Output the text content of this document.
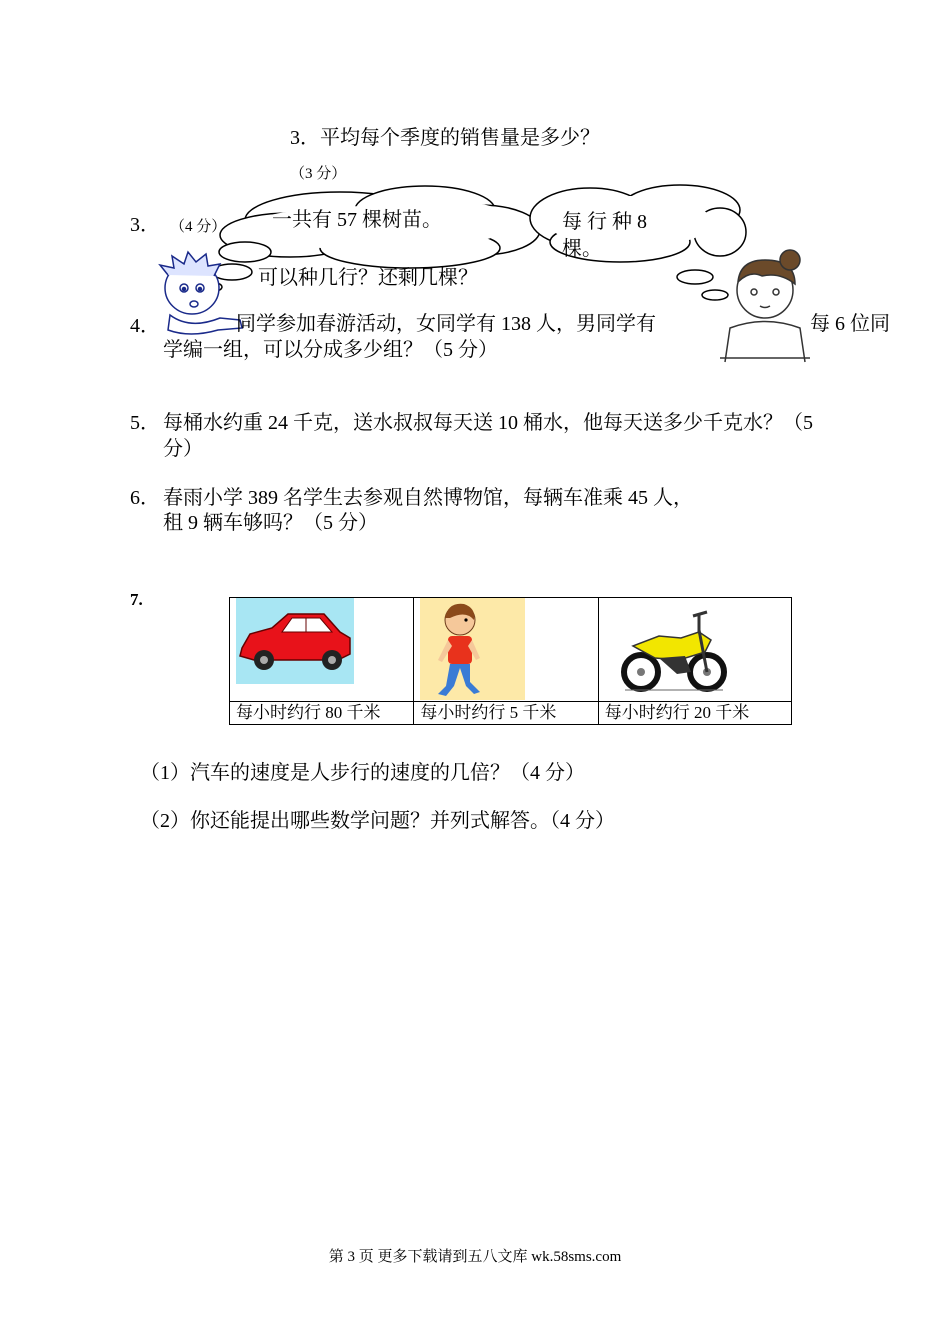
3．平均每个季度的销售量是多少？
（3 分）
3． （4 分） 一共有 57 棵树苗。	每 行 种 8
棵。
可以种几行？还剩几棵？
4．	同学参加春游活动，女同学有 138 人，男同学有	每 6 位同
学编一组，可以分成多少组？（5 分）
5． 每桶水约重 24 千克，送水叔叔每天送 10 桶水，他每天送多少千克水？（5
分）
6． 春雨小学 389 名学生去参观自然博物馆，每辆车准乘 45 人，
租 9 辆车够吗？（5 分）
7.

每小时约行 80 千米	每小时约行 5 千米	每小时约行 20 千米
（1）汽车的速度是人步行的速度的几倍？（4 分）
（2）你还能提出哪些数学问题？并列式解答。（4 分）
第 3 页 更多下载请到五八文库 wk.58sms.com
